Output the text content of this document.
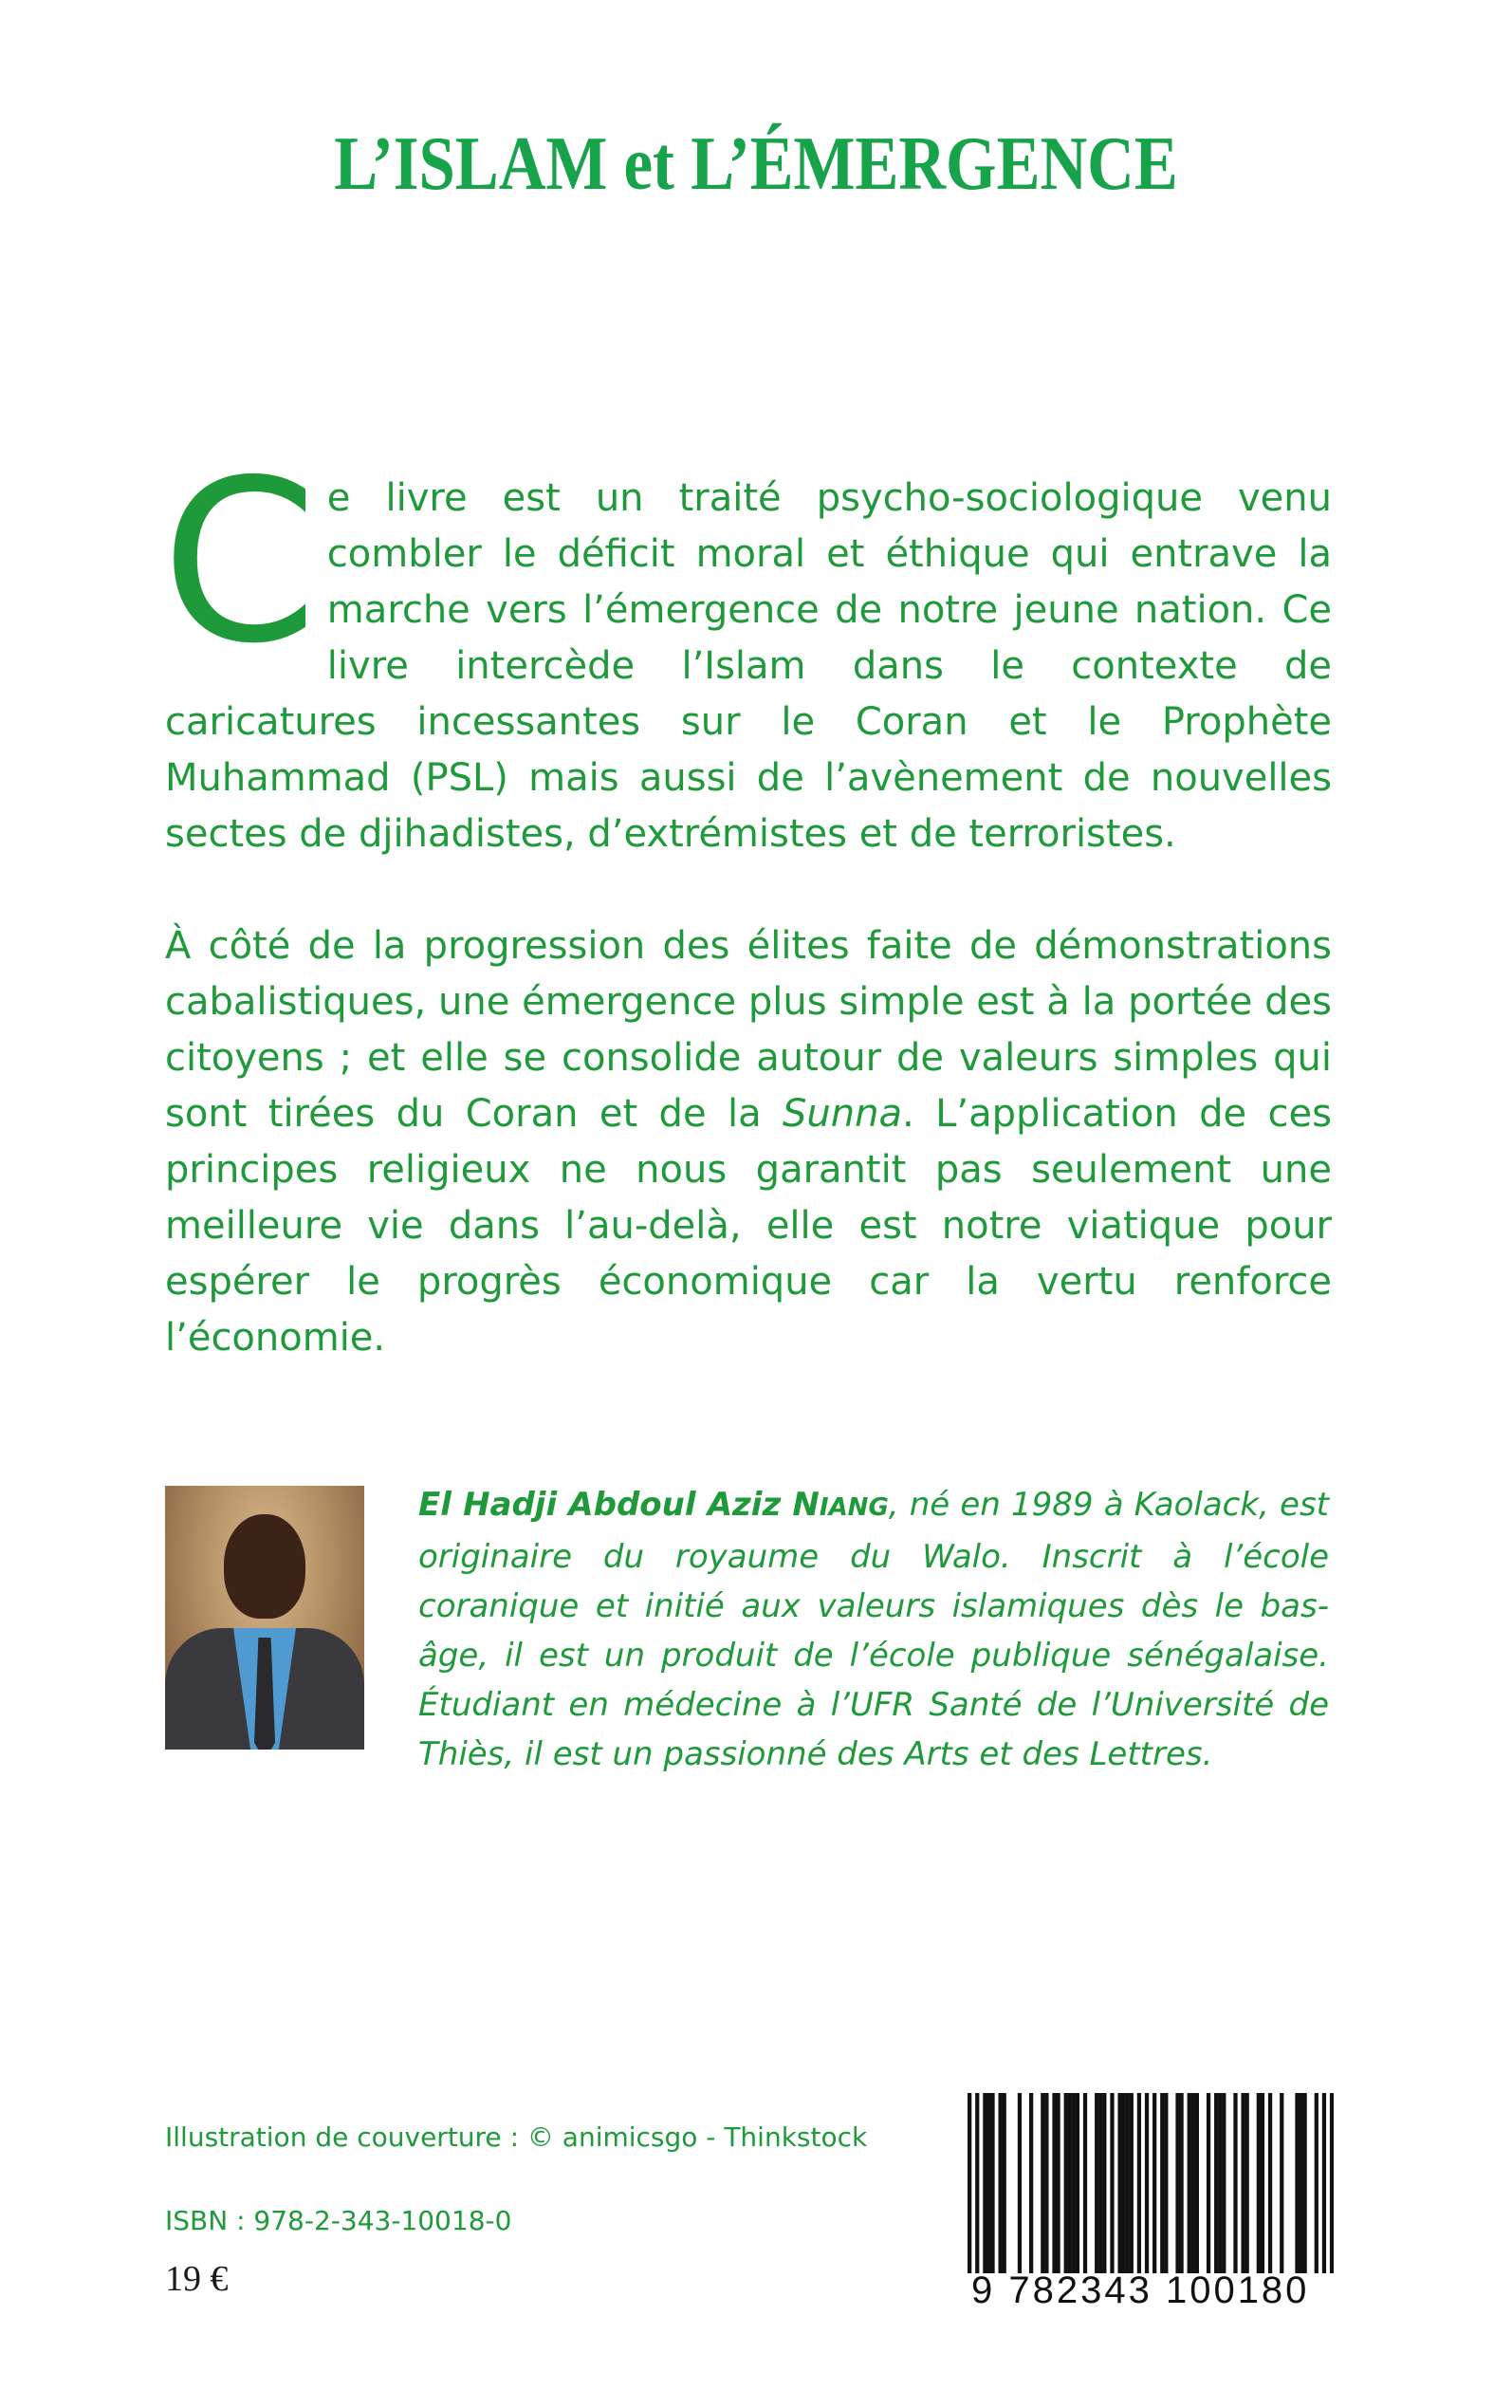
L’ISLAM et L’ÉMERGENCE

Ce livre est un traité psycho-sociologique venu combler le déficit moral et éthique qui entrave la marche vers l’émergence de notre jeune nation. Ce livre intercède l’Islam dans le contexte de caricatures incessantes sur le Coran et le Prophète Muhammad (PSL) mais aussi de l’avènement de nouvelles sectes de djihadistes, d’extrémistes et de terroristes.

À côté de la progression des élites faite de démonstrations cabalistiques, une émergence plus simple est à la portée des citoyens ; et elle se consolide autour de valeurs simples qui sont tirées du Coran et de la Sunna. L’application de ces principes religieux ne nous garantit pas seulement une meilleure vie dans l’au-delà, elle est notre viatique pour espérer le progrès économique car la vertu renforce l’économie.

El Hadji Abdoul Aziz NIANG, né en 1989 à Kaolack, est originaire du royaume du Walo. Inscrit à l’école coranique et initié aux valeurs islamiques dès le bas-âge, il est un produit de l’école publique sénégalaise. Étudiant en médecine à l’UFR Santé de l’Université de Thiès, il est un passionné des Arts et des Lettres.

Illustration de couverture : © animicsgo - Thinkstock

ISBN : 978-2-343-10018-0

19 €	9 782343 100180
